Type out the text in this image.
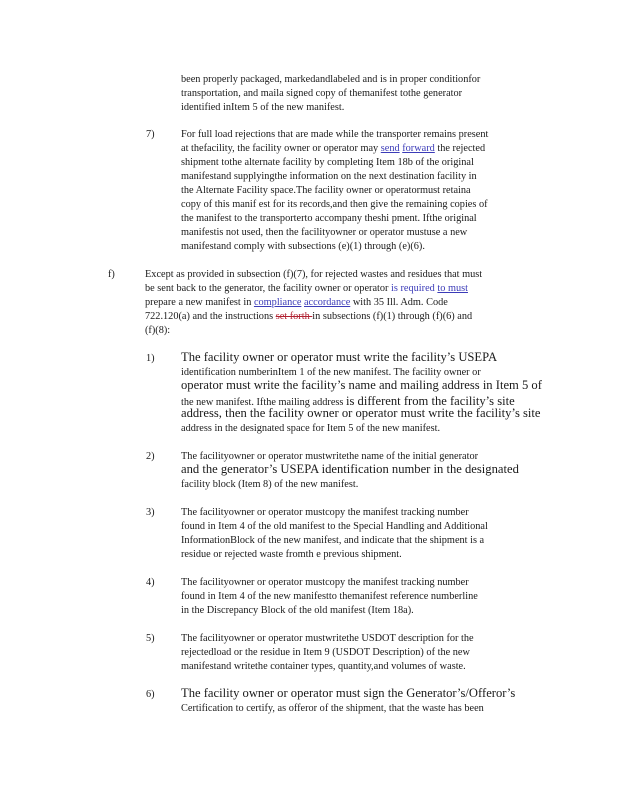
been properly packaged, markedandlabeled and is in proper conditionfor
transportation, and maila signed copy of themanifest tothe generator
identified inItem 5 of the new manifest.
7)	For full load rejections that are made while the transporter remains present
at thefacility, the facility owner or operator may send forward the rejected
shipment tothe alternate facility by completing Item 18b of the original
manifestand supplyingthe information on the next destination facility in
the Alternate Facility space.The facility owner or operatormust retaina
copy of this manif est for its records,and then give the remaining copies of
the manifest to the transporterto accompany theshi pment. Ifthe original
manifestis not used, then the facilityowner or operator mustuse a new
manifestand comply with subsections (e)(1) through (e)(6).
f)	Except as provided in subsection (f)(7), for rejected wastes and residues that must
be sent back to the generator, the facility owner or operator is required to must
prepare a new manifest in compliance accordance with 35 Ill. Adm. Code
722.120(a) and the instructions set forth in subsections (f)(1) through (f)(6) and
(f)(8):
1) The facility owner or operator must write the facility’s USEPA
identification numberinItem 1 of the new manifest. The facility owner or
operator must write the facility’s name and mailing address in Item 5 of
the new manifest. Ifthe mailing address is different from the facility’s site
address, then the facility owner or operator must write the facility’s site
address in the designated space for Item 5 of the new manifest.
2)	The facilityowner or operator mustwritethe name of the initial generator
and the generator’s USEPA identification number in the designated
facility block (Item 8) of the new manifest.
3)	The facilityowner or operator mustcopy the manifest tracking number
found in Item 4 of the old manifest to the Special Handling and Additional
InformationBlock of the new manifest, and indicate that the shipment is a
residue or rejected waste fromth e previous shipment.
4)	The facilityowner or operator mustcopy the manifest tracking number
found in Item 4 of the new manifestto themanifest reference numberline
in the Discrepancy Block of the old manifest (Item 18a).
5)	The facilityowner or operator mustwritethe USDOT description for the
rejectedload or the residue in Item 9 (USDOT Description) of the new
manifestand writethe container types, quantity,and volumes of waste.
6) The facility owner or operator must sign the Generator’s/Offeror’s
Certification to certify, as offeror of the shipment, that the waste has been
